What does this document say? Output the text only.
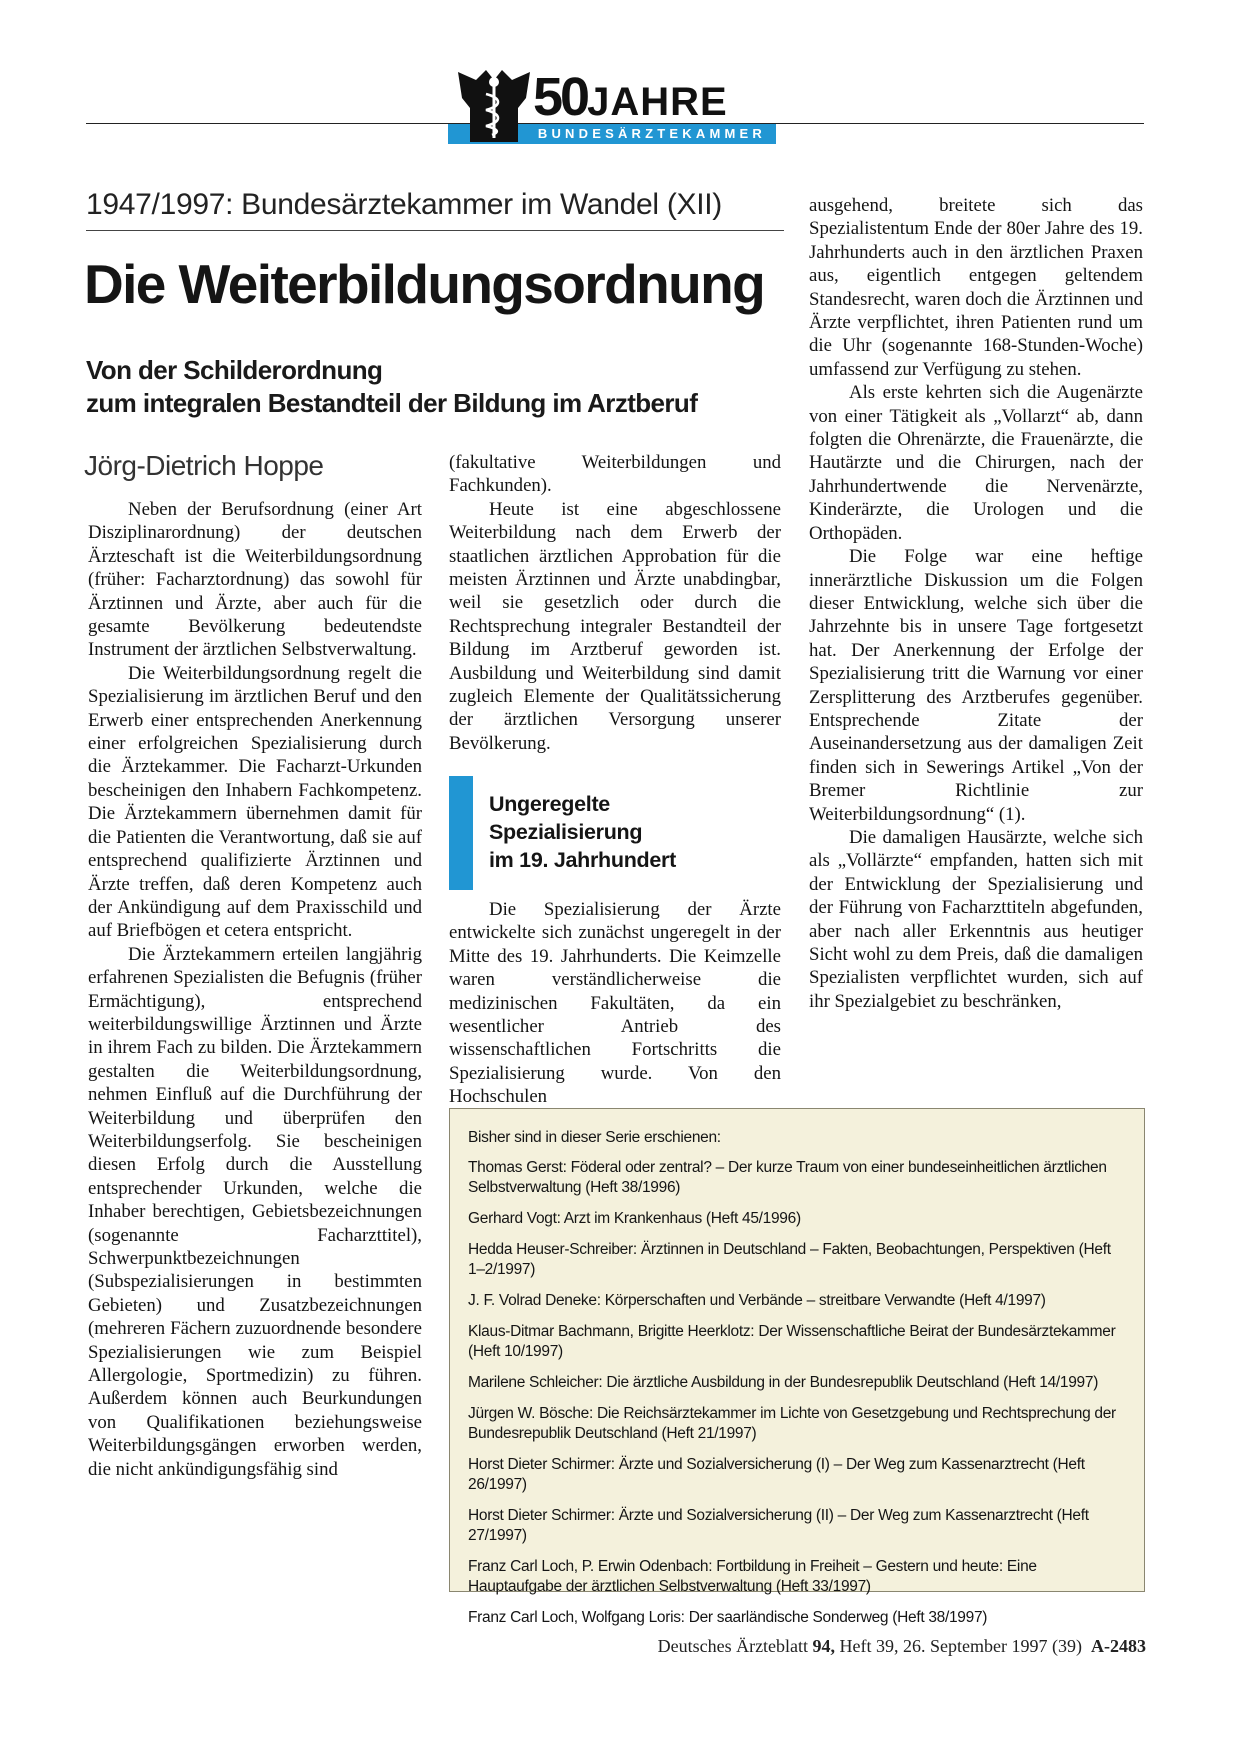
BUNDESÄRZTEKAMMER
50JAHRE
1947/1997: Bundesärztekammer im Wandel (XII)
Die Weiterbildungsordnung
Von der Schilderordnung
zum integralen Bestandteil der Bildung im Arztberuf
Jörg-Dietrich Hoppe

Neben der Berufsordnung (einer Art Disziplinarordnung) der deutschen Ärzteschaft ist die Weiterbildungsordnung (früher: Facharztordnung) das sowohl für Ärztinnen und Ärzte, aber auch für die gesamte Bevölkerung bedeutendste Instrument der ärztlichen Selbstverwaltung.

Die Weiterbildungsordnung regelt die Spezialisierung im ärztlichen Beruf und den Erwerb einer entsprechenden Anerkennung einer erfolgreichen Spezialisierung durch die Ärztekammer. Die Facharzt-Urkunden bescheinigen den Inhabern Fachkompetenz. Die Ärztekammern übernehmen damit für die Patienten die Verantwortung, daß sie auf entsprechend qualifizierte Ärztinnen und Ärzte treffen, daß deren Kompetenz auch der Ankündigung auf dem Praxisschild und auf Briefbögen et cetera entspricht.

Die Ärztekammern erteilen langjährig erfahrenen Spezialisten die Befugnis (früher Ermächtigung), entsprechend weiterbildungswillige Ärztinnen und Ärzte in ihrem Fach zu bilden. Die Ärztekammern gestalten die Weiterbildungsordnung, nehmen Einfluß auf die Durchführung der Weiterbildung und überprüfen den Weiterbildungserfolg. Sie bescheinigen diesen Erfolg durch die Ausstellung entsprechender Urkunden, welche die Inhaber berechtigen, Gebietsbezeichnungen (sogenannte Facharzttitel), Schwerpunktbezeichnungen (Subspezialisierungen in bestimmten Gebieten) und Zusatzbezeichnungen (mehreren Fächern zuzuordnende besondere Spezialisierungen wie zum Beispiel Allergologie, Sportmedizin) zu führen. Außerdem können auch Beurkundungen von Qualifikationen beziehungsweise Weiterbildungsgängen erworben werden, die nicht ankündigungsfähig sind

(fakultative Weiterbildungen und Fachkunden).

Heute ist eine abgeschlossene Weiterbildung nach dem Erwerb der staatlichen ärztlichen Approbation für die meisten Ärztinnen und Ärzte unabdingbar, weil sie gesetzlich oder durch die Rechtsprechung integraler Bestandteil der Bildung im Arztberuf geworden ist. Ausbildung und Weiterbildung sind damit zugleich Elemente der Qualitätssicherung der ärztlichen Versorgung unserer Bevölkerung.

Ungeregelte
Spezialisierung
im 19. Jahrhundert

Die Spezialisierung der Ärzte entwickelte sich zunächst ungeregelt in der Mitte des 19. Jahrhunderts. Die Keimzelle waren verständlicherweise die medizinischen Fakultäten, da ein wesentlicher Antrieb des wissenschaftlichen Fortschritts die Spezialisierung wurde. Von den Hochschulen

ausgehend, breitete sich das Spezialistentum Ende der 80er Jahre des 19. Jahrhunderts auch in den ärztlichen Praxen aus, eigentlich entgegen geltendem Standesrecht, waren doch die Ärztinnen und Ärzte verpflichtet, ihren Patienten rund um die Uhr (sogenannte 168-Stunden-Woche) umfassend zur Verfügung zu stehen.

Als erste kehrten sich die Augenärzte von einer Tätigkeit als „Vollarzt“ ab, dann folgten die Ohrenärzte, die Frauenärzte, die Hautärzte und die Chirurgen, nach der Jahrhundertwende die Nervenärzte, Kinderärzte, die Urologen und die Orthopäden.

Die Folge war eine heftige innerärztliche Diskussion um die Folgen dieser Entwicklung, welche sich über die Jahrzehnte bis in unsere Tage fortgesetzt hat. Der Anerkennung der Erfolge der Spezialisierung tritt die Warnung vor einer Zersplitterung des Arztberufes gegenüber. Entsprechende Zitate der Auseinandersetzung aus der damaligen Zeit finden sich in Sewerings Artikel „Von der Bremer Richtlinie zur Weiterbildungsordnung“ (1).

Die damaligen Hausärzte, welche sich als „Vollärzte“ empfanden, hatten sich mit der Entwicklung der Spezialisierung und der Führung von Facharzttiteln abgefunden, aber nach aller Erkenntnis aus heutiger Sicht wohl zu dem Preis, daß die damaligen Spezialisten verpflichtet wurden, sich auf ihr Spezialgebiet zu beschränken,

Bisher sind in dieser Serie erschienen:
Thomas Gerst: Föderal oder zentral? – Der kurze Traum von einer bundeseinheitlichen ärztlichen Selbstverwaltung (Heft 38/1996)
Gerhard Vogt: Arzt im Krankenhaus (Heft 45/1996)
Hedda Heuser-Schreiber: Ärztinnen in Deutschland – Fakten, Beobachtungen, Perspektiven (Heft 1–2/1997)
J. F. Volrad Deneke: Körperschaften und Verbände – streitbare Verwandte (Heft 4/1997)
Klaus-Ditmar Bachmann, Brigitte Heerklotz: Der Wissenschaftliche Beirat der Bundesärztekammer (Heft 10/1997)
Marilene Schleicher: Die ärztliche Ausbildung in der Bundesrepublik Deutschland (Heft 14/1997)
Jürgen W. Bösche: Die Reichsärztekammer im Lichte von Gesetzgebung und Rechtsprechung der Bundesrepublik Deutschland (Heft 21/1997)
Horst Dieter Schirmer: Ärzte und Sozialversicherung (I) – Der Weg zum Kassenarztrecht (Heft 26/1997)
Horst Dieter Schirmer: Ärzte und Sozialversicherung (II) – Der Weg zum Kassenarztrecht (Heft 27/1997)
Franz Carl Loch, P. Erwin Odenbach: Fortbildung in Freiheit – Gestern und heute: Eine Hauptaufgabe der ärztlichen Selbstverwaltung (Heft 33/1997)
Franz Carl Loch, Wolfgang Loris: Der saarländische Sonderweg (Heft 38/1997)
Deutsches Ärzteblatt 94, Heft 39, 26. September 1997 (39) A-2483
